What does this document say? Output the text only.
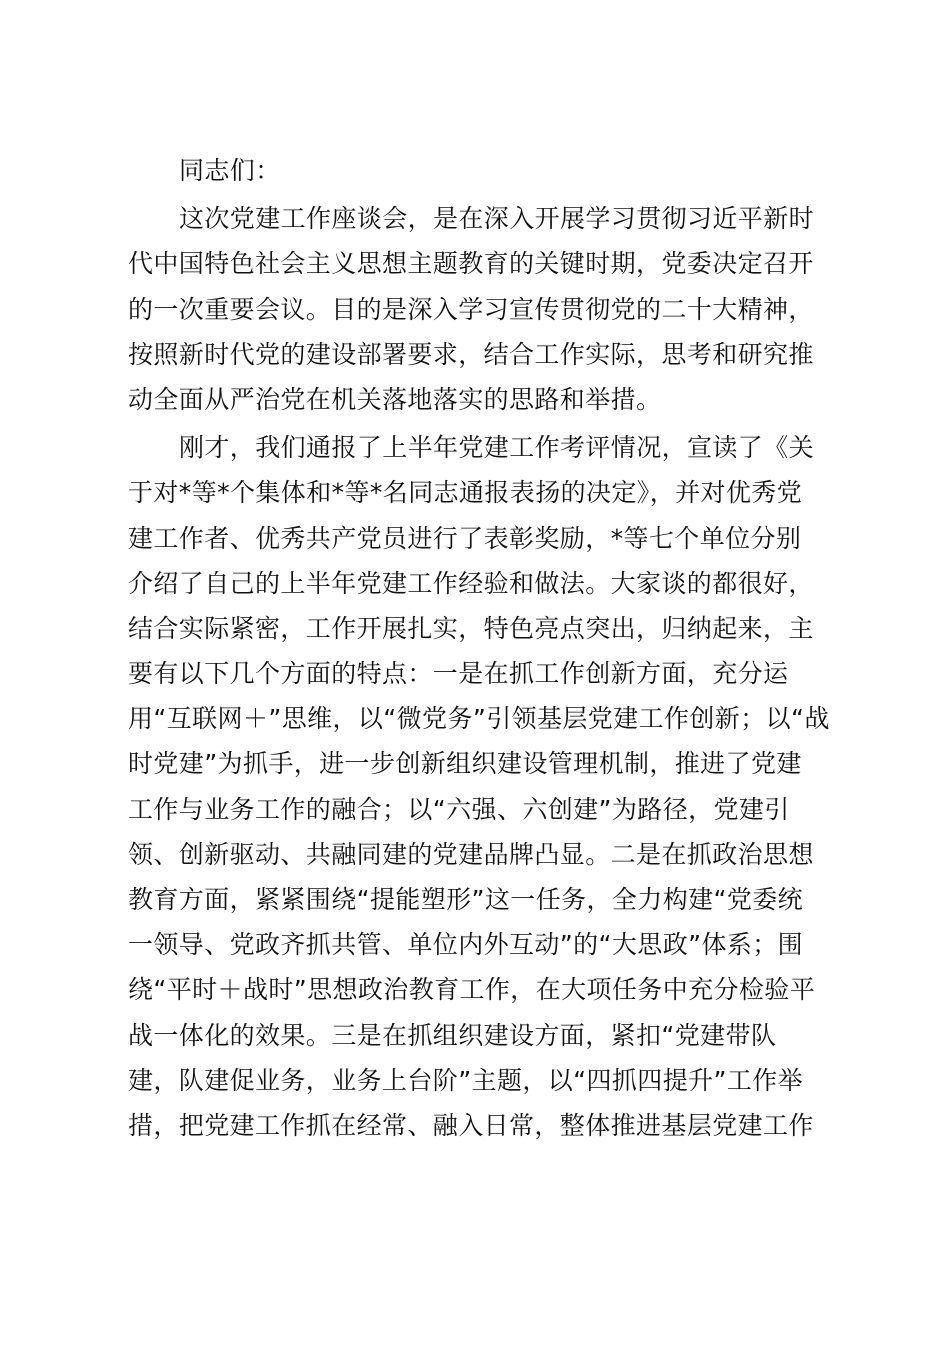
同志们：
这次党建工作座谈会，是在深入开展学习贯彻习近平新时
代中国特色社会主义思想主题教育的关键时期，党委决定召开
的一次重要会议。目的是深入学习宣传贯彻党的二十大精神，
按照新时代党的建设部署要求，结合工作实际，思考和研究推
动全面从严治党在机关落地落实的思路和举措。
刚才，我们通报了上半年党建工作考评情况，宣读了《关
于对*等*个集体和*等*名同志通报表扬的决定》，并对优秀党
建工作者、优秀共产党员进行了表彰奖励，*等七个单位分别
介绍了自己的上半年党建工作经验和做法。大家谈的都很好，
结合实际紧密，工作开展扎实，特色亮点突出，归纳起来，主
要有以下几个方面的特点：一是在抓工作创新方面，充分运
用“互联网＋”思维，以“微党务”引领基层党建工作创新；以“战
时党建”为抓手，进一步创新组织建设管理机制，推进了党建
工作与业务工作的融合；以“六强、六创建”为路径，党建引
领、创新驱动、共融同建的党建品牌凸显。二是在抓政治思想
教育方面，紧紧围绕“提能塑形”这一任务，全力构建“党委统
一领导、党政齐抓共管、单位内外互动”的“大思政”体系；围
绕“平时＋战时”思想政治教育工作，在大项任务中充分检验平
战一体化的效果。三是在抓组织建设方面，紧扣“党建带队
建，队建促业务，业务上台阶”主题，以“四抓四提升”工作举
措，把党建工作抓在经常、融入日常，整体推进基层党建工作
